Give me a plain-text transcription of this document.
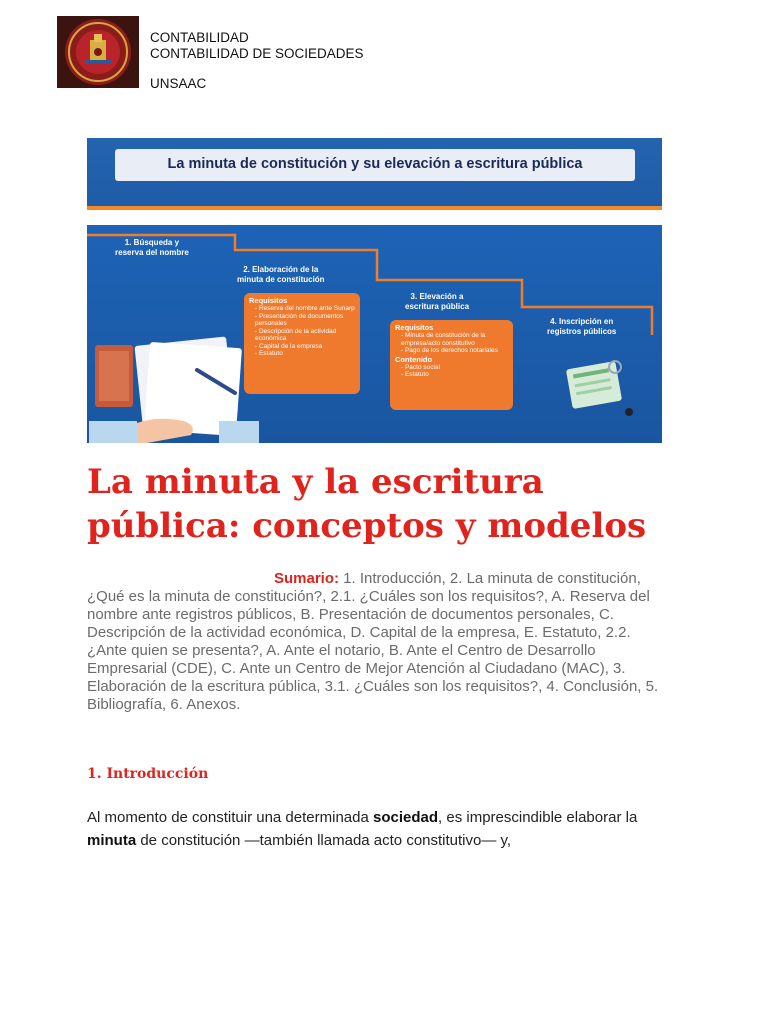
CONTABILIDAD
CONTABILIDAD DE SOCIEDADES
UNSAAC
La minuta de constitución y su elevación a escritura pública
1. Búsqueda y
reserva del nombre
2. Elaboración de la
minuta de constitución
3. Elevación a
escritura pública
4. Inscripción en
registros públicos
Requisitos
- Reserva del nombre ante Sunarp
- Presentación de documentos personales
- Descripción de la actividad económica
- Capital de la empresa
- Estatuto
Requisitos
- Minuta de constitución de la empresa/acto constitutivo
- Pago de los derechos notariales
Contenido
- Pacto social
- Estatuto
La minuta y la escritura
pública: conceptos y modelos
Sumario: 1. Introducción, 2. La minuta de constitución, ¿Qué es la minuta de constitución?, 2.1. ¿Cuáles son los requisitos?, A. Reserva del nombre ante registros públicos, B. Presentación de documentos personales, C. Descripción de la actividad económica, D. Capital de la empresa, E. Estatuto, 2.2. ¿Ante quien se presenta?, A. Ante el notario, B. Ante el Centro de Desarrollo Empresarial (CDE), C. Ante un Centro de Mejor Atención al Ciudadano (MAC), 3. Elaboración de la escritura pública, 3.1. ¿Cuáles son los requisitos?, 4. Conclusión, 5. Bibliografía, 6. Anexos.
1. Introducción
Al momento de constituir una determinada sociedad, es imprescindible elaborar la minuta de constitución —también llamada acto constitutivo— y,
